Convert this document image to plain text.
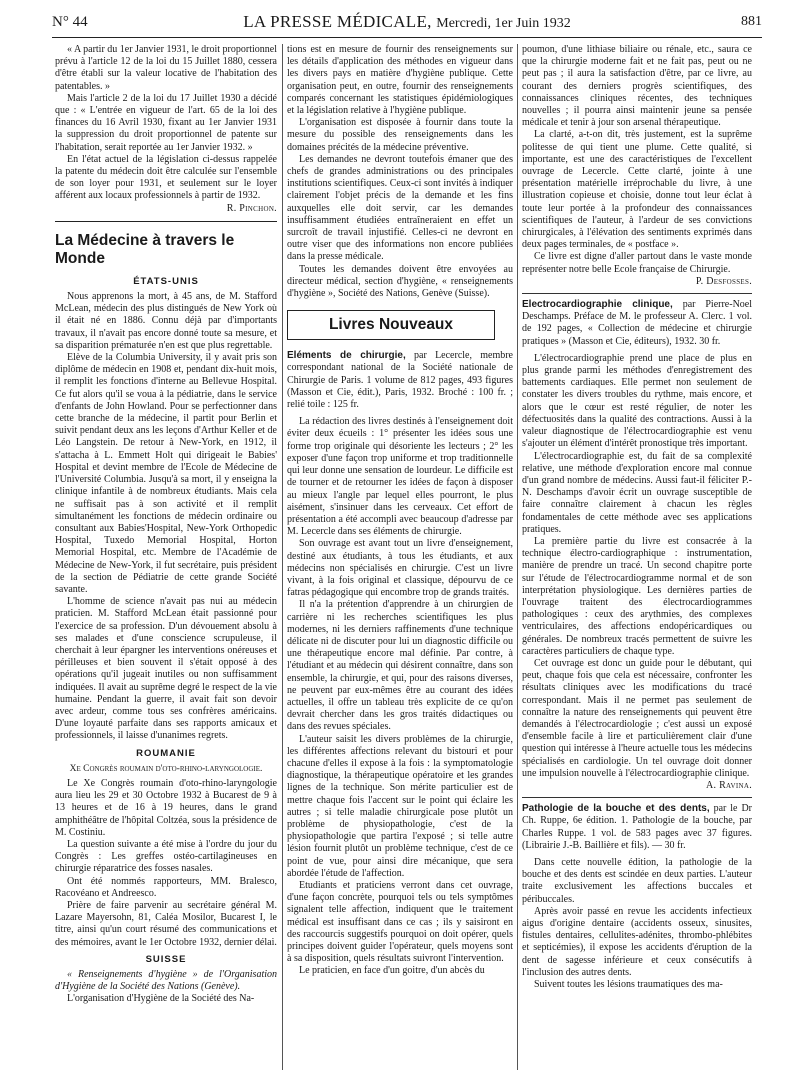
N° 44	LA PRESSE MÉDICALE, Mercredi, 1er Juin 1932	881

« A partir du 1er Janvier 1931, le droit proportionnel prévu à l'article 12 de la loi du 15 Juillet 1880, cessera d'être établi sur la valeur locative de l'habitation des patentables. »

Mais l'article 2 de la loi du 17 Juillet 1930 a décidé que : « L'entrée en vigueur de l'art. 65 de la loi des finances du 16 Avril 1930, fixant au 1er Janvier 1931 la suppression du droit proportionnel de patente sur l'habitation, serait reportée au 1er Janvier 1932. »

En l'état actuel de la législation ci-dessus rappelée la patente du médecin doit être calculée sur l'ensemble de son loyer pour 1931, et seulement sur le loyer afférent aux locaux professionnels à partir de 1932.

R. Pinchon.
La Médecine à travers le Monde
ÉTATS-UNIS

Nous apprenons la mort, à 45 ans, de M. Stafford McLean, médecin des plus distingués de New York où il était né en 1886. Connu déjà par d'importants travaux, il n'avait pas encore donné toute sa mesure, et sa disparition prématurée n'en est que plus regrettable.

Elève de la Columbia University, il y avait pris son diplôme de médecin en 1908 et, pendant dix-huit mois, il remplit les fonctions d'interne au Bellevue Hospital. Ce fut alors qu'il se voua à la pédiatrie, dans le service d'enfants de John Howland. Pour se perfectionner dans cette branche de la médecine, il partit pour Berlin et suivit pendant deux ans les leçons d'Arthur Keller et de Léo Langstein. De retour à New-York, en 1912, il s'attacha à L. Emmett Holt qui dirigeait le Babies' Hospital et devint membre de l'Ecole de Médecine de l'Université Columbia. Jusqu'à sa mort, il y enseigna la clinique infantile à de nombreux étudiants. Mais cela ne suffisait pas à son activité et il remplit simultanément les fonctions de médecin ordinaire ou consultant aux Babies'Hospital, New-York Orthopedic Hospital, Tuxedo Memorial Hospital, Horton Memorial Hospital, etc. Membre de l'Académie de Médecine de New-York, il fut secrétaire, puis président de la section de Pédiatrie de cette grande Société savante.

L'homme de science n'avait pas nui au médecin praticien. M. Stafford McLean était passionné pour l'exercice de sa profession. D'un dévouement absolu à ses malades et d'une conscience scrupuleuse, il cherchait à leur épargner les interventions onéreuses et périlleuses et bien souvent il s'était opposé à des opérations qu'il jugeait inutiles ou non suffisamment indiquées. Il avait au suprême degré le respect de la vie humaine. Pendant la guerre, il avait fait son devoir avec ardeur, comme tous ses confrères américains. D'une loyauté parfaite dans ses rapports amicaux et professionnels, il laisse d'unanimes regrets.

ROUMANIE
Xe Congrès roumain d'oto-rhino-laryngologie.

Le Xe Congrès roumain d'oto-rhino-laryngologie aura lieu les 29 et 30 Octobre 1932 à Bucarest de 9 à 13 heures et de 16 à 19 heures, dans le grand amphithéâtre de l'hôpital Coltzéa, sous la présidence de M. Costiniu.

La question suivante a été mise à l'ordre du jour du Congrès : Les greffes ostéo-cartilagineuses en chirurgie réparatrice des fosses nasales.

Ont été nommés rapporteurs, MM. Bralesco, Racovéano et Andreesco.

Prière de faire parvenir au secrétaire général M. Lazare Mayersohn, 81, Caléa Mosilor, Bucarest I, le titre, ainsi qu'un court résumé des communications et des mémoires, avant le 1er Octobre 1932, dernier délai.

SUISSE

« Renseignements d'hygiène » de l'Organisation d'Hygiène de la Société des Nations (Genève).

L'organisation d'Hygiène de la Société des Na-

tions est en mesure de fournir des renseignements sur les détails d'application des méthodes en vigueur dans les divers pays en matière d'hygiène publique. Cette organisation peut, en outre, fournir des renseignements comparés concernant les statistiques épidémiologiques et la législation relative à l'hygiène publique.

L'organisation est disposée à fournir dans toute la mesure du possible des renseignements dans les domaines précités de la médecine préventive.

Les demandes ne devront toutefois émaner que des chefs de grandes administrations ou des principales institutions scientifiques. Ceux-ci sont invités à indiquer clairement l'objet précis de la demande et les fins auxquelles elle doit servir, car les demandes insuffisamment étudiées entraîneraient en effet un surcroît de travail injustifié. Celles-ci ne devront en outre viser que des informations non encore publiées dans la presse médicale.

Toutes les demandes doivent être envoyées au directeur médical, section d'hygiène, « renseignements d'hygiène », Société des Nations, Genève (Suisse).

Livres Nouveaux

Eléments de chirurgie, par Lecercle, membre correspondant national de la Société nationale de Chirurgie de Paris. 1 volume de 812 pages, 493 figures (Masson et Cie, édit.), Paris, 1932. Broché : 100 fr. ; relié toile : 125 fr.

La rédaction des livres destinés à l'enseignement doit éviter deux écueils : 1° présenter les idées sous une forme trop originale qui désoriente les lecteurs ; 2° les exposer d'une façon trop uniforme et trop traditionnelle qui leur donne une sensation de lourdeur. Le difficile est de tourner et de retourner les idées de façon à disposer au mieux l'angle par lequel elles pourront, le plus aisément, s'insinuer dans les cerveaux. Cet effort de présentation a été accompli avec beaucoup d'adresse par M. Lecercle dans ses éléments de chirurgie.

Son ouvrage est avant tout un livre d'enseignement, destiné aux étudiants, à tous les étudiants, et aux médecins non spécialisés en chirurgie. C'est un livre vivant, à la fois original et classique, dépourvu de ce fatras pédagogique qui encombre trop de grands traités.

Il n'a la prétention d'apprendre à un chirurgien de carrière ni les recherches scientifiques les plus modernes, ni les derniers raffinements d'une technique délicate ni de discuter pour lui un diagnostic difficile ou une thérapeutique encore mal définie. Par contre, à l'étudiant et au médecin qui désirent connaître, dans son ensemble, la chirurgie, et qui, pour des raisons diverses, ne peuvent par eux-mêmes être au courant des idées actuelles, il offre un tableau très explicite de ce qu'on devrait chercher dans les gros traités didactiques ou dans des revues spéciales.

L'auteur saisit les divers problèmes de la chirurgie, les différentes affections relevant du bistouri et pour chacune d'elles il expose à la fois : la symptomatologie diagnostique, la thérapeutique opératoire et les grandes lignes de la technique. Son mérite particulier est de mettre chaque fois l'accent sur le point qui éclaire les autres ; si telle maladie chirurgicale pose plutôt un problème de physiopathologie, c'est de la physiopathologie que partira l'exposé ; si telle autre lésion fournit plutôt un problème technique, c'est de ce point de vue, pour ainsi dire mécanique, que sera abordée l'étude de l'affection.

Etudiants et praticiens verront dans cet ouvrage, d'une façon concrète, pourquoi tels ou tels symptômes signalent telle affection, indiquent que le traitement médical est insuffisant dans ce cas ; ils y saisiront en des raccourcis suggestifs pourquoi on doit opérer, quels principes doivent guider l'opérateur, quels moyens sont à sa disposition, quels résultats suivront l'intervention.

Le praticien, en face d'un goitre, d'un abcès du

poumon, d'une lithiase biliaire ou rénale, etc., saura ce que la chirurgie moderne fait et ne fait pas, peut ou ne peut pas ; il aura la satisfaction d'être, par ce livre, au courant des derniers progrès scientifiques, des connaissances cliniques récentes, des techniques nouvelles ; il pourra ainsi maintenir jeune sa pensée médicale et tenir à jour son arsenal thérapeutique.

La clarté, a-t-on dit, très justement, est la suprême politesse de qui tient une plume. Cette qualité, si importante, est une des caractéristiques de l'excellent ouvrage de Lecercle. Cette clarté, jointe à une présentation matérielle irréprochable du livre, à une illustration copieuse et choisie, donne tout leur éclat à toute leur portée à la profondeur des connaissances scientifiques de l'auteur, à l'ardeur de ses convictions chirurgicales, à l'élévation des sentiments exprimés dans deux pages terminales, de « postface ».

Ce livre est digne d'aller partout dans le vaste monde représenter notre belle Ecole française de Chirurgie.

P. Desfosses.

Electrocardiographie clinique, par Pierre-Noel Deschamps. Préface de M. le professeur A. Clerc. 1 vol. de 192 pages, « Collection de médecine et chirurgie pratiques » (Masson et Cie, éditeurs), 1932. 30 fr.

L'électrocardiographie prend une place de plus en plus grande parmi les méthodes d'enregistrement des battements cardiaques. Elle permet non seulement de constater les divers troubles du rythme, mais encore, et alors que le cœur est resté régulier, de noter les défectuosités dans la qualité des contractions. Aussi à la valeur diagnostique de l'électrocardiographie est venu s'ajouter un élément d'intérêt pronostique très important.

L'électrocardiographie est, du fait de sa complexité relative, une méthode d'exploration encore mal connue d'un grand nombre de médecins. Aussi faut-il féliciter P.-N. Deschamps d'avoir écrit un ouvrage susceptible de faire connaître clairement à chacun les règles fondamentales de cette méthode avec ses applications pratiques.

La première partie du livre est consacrée à la technique électro-cardiographique : instrumentation, manière de prendre un tracé. Un second chapitre porte sur l'étude de l'électrocardiogramme normal et de son interprétation physiologique. Les dernières parties de l'ouvrage traitent des électrocardiogrammes pathologiques : ceux des arythmies, des complexes ventriculaires, des affections endopéricardiques ou générales. De nombreux tracés permettent de suivre les caractères particuliers de chaque type.

Cet ouvrage est donc un guide pour le débutant, qui peut, chaque fois que cela est nécessaire, confronter les résultats cliniques avec les modifications du tracé correspondant. Mais il ne permet pas seulement de connaître la nature des renseignements qui peuvent être demandés à l'électrocardiologie ; c'est aussi un exposé d'ensemble facile à lire et particulièrement clair d'une question qui intéresse à l'heure actuelle tous les médecins spécialisés en cardiologie. Un tel ouvrage doit donner une impulsion nouvelle à l'électrocardiographie clinique.

A. Ravina.

Pathologie de la bouche et des dents, par le Dr Ch. Ruppe, 6e édition. 1. Pathologie de la bouche, par Charles Ruppe. 1 vol. de 583 pages avec 37 figures. (Librairie J.-B. Baillière et fils). — 30 fr.

Dans cette nouvelle édition, la pathologie de la bouche et des dents est scindée en deux parties. L'auteur traite exclusivement les affections buccales et péribuccales.

Après avoir passé en revue les accidents infectieux aigus d'origine dentaire (accidents osseux, sinusites, fistules dentaires, cellulites-adénites, thrombo-phlébites et septicémies), il expose les accidents d'éruption de la dent de sagesse inférieure et ceux consécutifs à l'inclusion des autres dents.

Suivent toutes les lésions traumatiques des ma-
